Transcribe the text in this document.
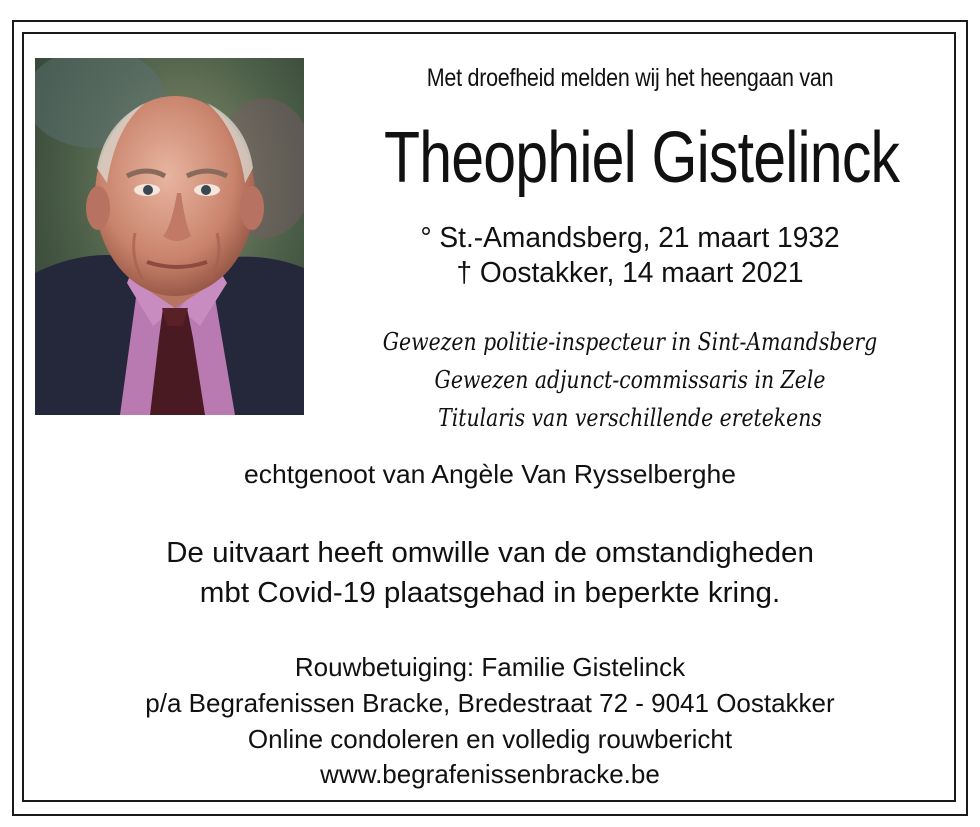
Met droefheid melden wij het heengaan van

Theophiel Gistelinck

° St.-Amandsberg, 21 maart 1932

† Oostakker, 14 maart 2021

Gewezen politie-inspecteur in Sint-Amandsberg

Gewezen adjunct-commissaris in Zele

Titularis van verschillende eretekens

echtgenoot van Angèle Van Rysselberghe

De uitvaart heeft omwille van de omstandigheden

mbt Covid-19 plaatsgehad in beperkte kring.

Rouwbetuiging: Familie Gistelinck

p/a Begrafenissen Bracke, Bredestraat 72 - 9041 Oostakker

Online condoleren en volledig rouwbericht

www.begrafenissenbracke.be
